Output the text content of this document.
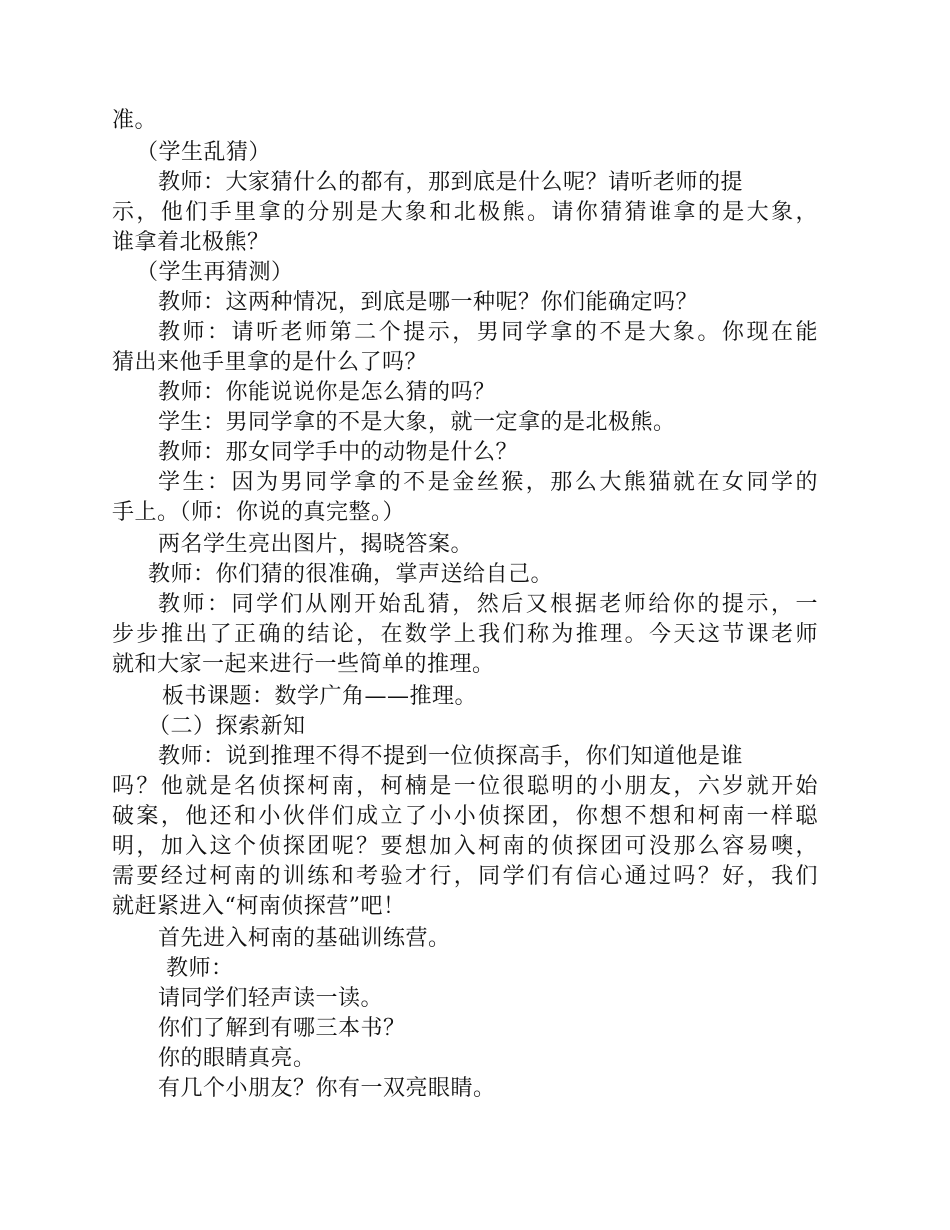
准。
（学生乱猜）
教师：大家猜什么的都有，那到底是什么呢？请听老师的提
示，他们手里拿的分别是大象和北极熊。请你猜猜谁拿的是大象，
谁拿着北极熊？
（学生再猜测）
教师：这两种情况，到底是哪一种呢？你们能确定吗？
教师：请听老师第二个提示，男同学拿的不是大象。你现在能
猜出来他手里拿的是什么了吗？
教师：你能说说你是怎么猜的吗？
学生：男同学拿的不是大象，就一定拿的是北极熊。
教师：那女同学手中的动物是什么？
学生：因为男同学拿的不是金丝猴，那么大熊猫就在女同学的
手上。（师：你说的真完整。）
两名学生亮出图片，揭晓答案。
教师：你们猜的很准确，掌声送给自己。
教师：同学们从刚开始乱猜，然后又根据老师给你的提示，一
步步推出了正确的结论，在数学上我们称为推理。今天这节课老师
就和大家一起来进行一些简单的推理。
板书课题：数学广角——推理。
（二）探索新知
教师：说到推理不得不提到一位侦探高手，你们知道他是谁
吗？他就是名侦探柯南，柯楠是一位很聪明的小朋友，六岁就开始
破案，他还和小伙伴们成立了小小侦探团，你想不想和柯南一样聪
明，加入这个侦探团呢？要想加入柯南的侦探团可没那么容易噢，
需要经过柯南的训练和考验才行，同学们有信心通过吗？好，我们
就赶紧进入“柯南侦探营”吧！
首先进入柯南的基础训练营。
教师：
请同学们轻声读一读。
你们了解到有哪三本书？
你的眼睛真亮。
有几个小朋友？你有一双亮眼睛。
